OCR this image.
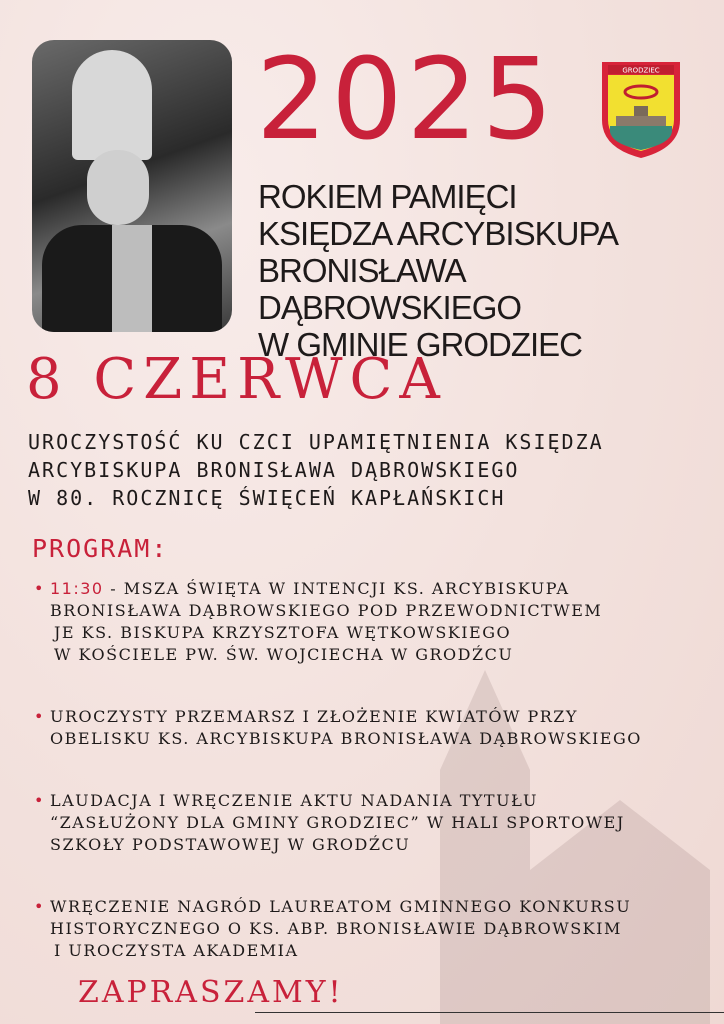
2025	GRODZIEC
ROKIEM PAMIĘCI
KSIĘDZA ARCYBISKUPA
BRONISŁAWA DĄBROWSKIEGO
W GMINIE GRODZIEC
8 CZERWCA
UROCZYSTOŚĆ KU CZCI UPAMIĘTNIENIA KSIĘDZA
ARCYBISKUPA BRONISŁAWA DĄBROWSKIEGO
W 80. ROCZNICĘ ŚWIĘCEŃ KAPŁAŃSKICH
PROGRAM:
• 11:30 - MSZA ŚWIĘTA W INTENCJI KS. ARCYBISKUPA
BRONISŁAWA DĄBROWSKIEGO POD PRZEWODNICTWEM
JE KS. BISKUPA KRZYSZTOFA WĘTKOWSKIEGO
W KOŚCIELE PW. ŚW. WOJCIECHA W GRODŹCU
• UROCZYSTY PRZEMARSZ I ZŁOŻENIE KWIATÓW PRZY
OBELISKU KS. ARCYBISKUPA BRONISŁAWA DĄBROWSKIEGO
• LAUDACJA I WRĘCZENIE AKTU NADANIA TYTUŁU
“ZASŁUŻONY DLA GMINY GRODZIEC” W HALI SPORTOWEJ
SZKOŁY PODSTAWOWEJ W GRODŹCU
• WRĘCZENIE NAGRÓD LAUREATOM GMINNEGO KONKURSU
HISTORYCZNEGO O KS. ABP. BRONISŁAWIE DĄBROWSKIM
I UROCZYSTA AKADEMIA
ZAPRASZAMY!
